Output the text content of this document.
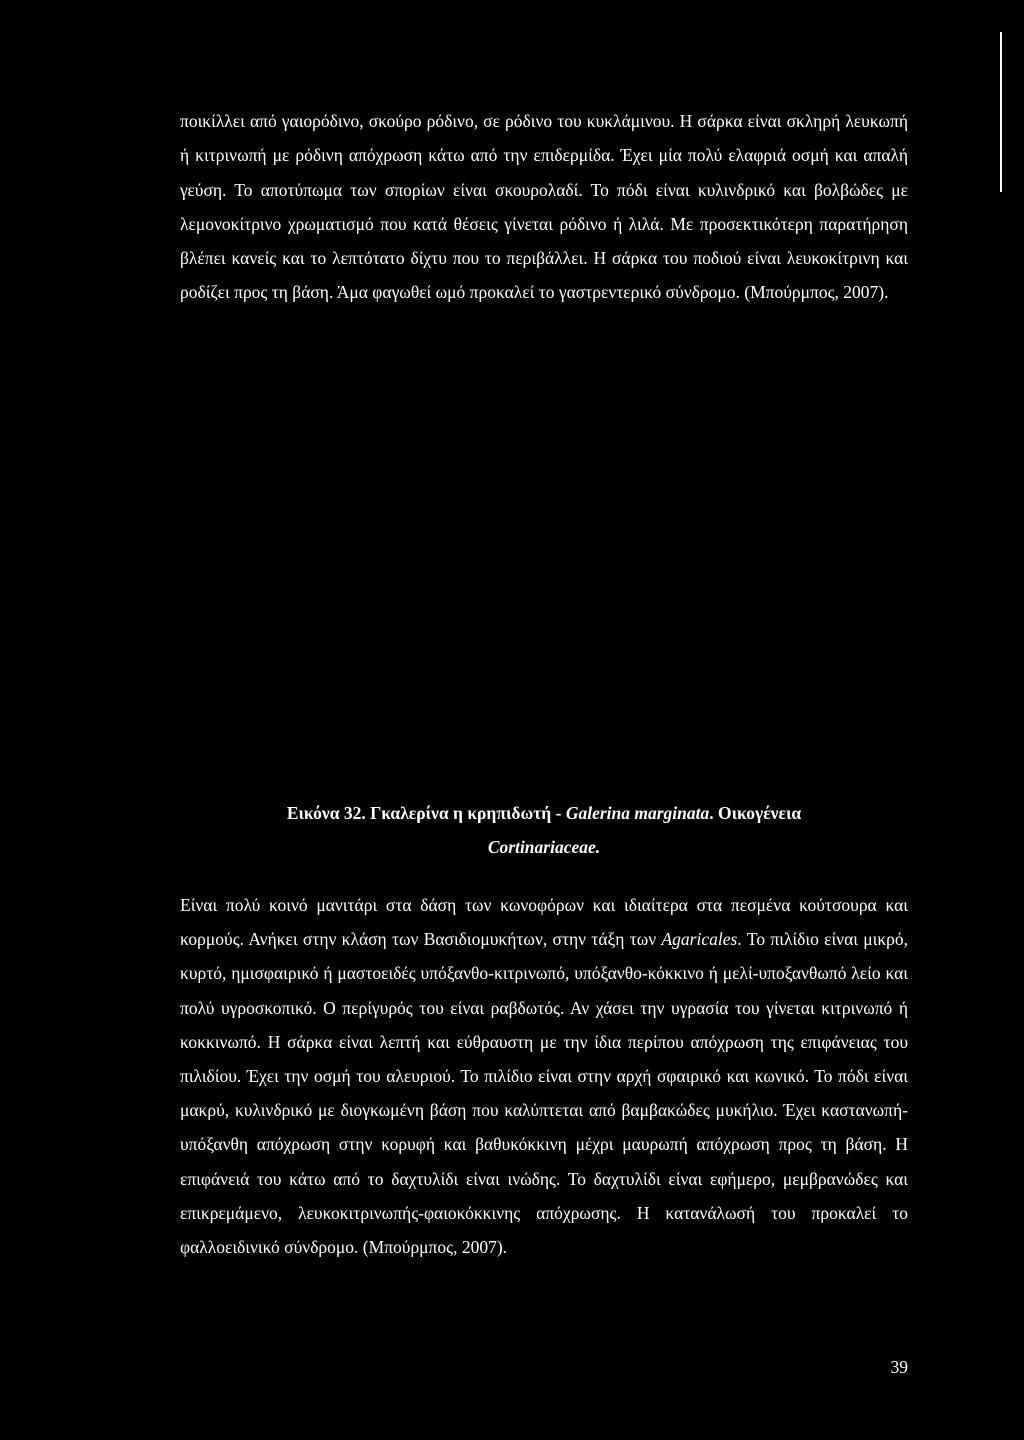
ποικίλλει από γαιορόδινο, σκούρο ρόδινο, σε ρόδινο του κυκλάμινου. Η σάρκα είναι σκληρή λευκωπή ή κιτρινωπή με ρόδινη απόχρωση κάτω από την επιδερμίδα. Έχει μία πολύ ελαφριά οσμή και απαλή γεύση. Το αποτύπωμα των σπορίων είναι σκουρολαδί. Το πόδι είναι κυλινδρικό και βολβώδες με λεμονοκίτρινο χρωματισμό που κατά θέσεις γίνεται ρόδινο ή λιλά. Με προσεκτικότερη παρατήρηση βλέπει κανείς και το λεπτότατο δίχτυ που το περιβάλλει. Η σάρκα του ποδιού είναι λευκοκίτρινη και ροδίζει προς τη βάση. Άμα φαγωθεί ωμό προκαλεί το γαστρεντερικό σύνδρομο. (Μπούρμπος, 2007).

Εικόνα 32. Γκαλερίνα η κρηπιδωτή - Galerina marginata. Οικογένεια
Cortinariaceae.

Είναι πολύ κοινό μανιτάρι στα δάση των κωνοφόρων και ιδιαίτερα στα πεσμένα κούτσουρα και κορμούς. Ανήκει στην κλάση των Βασιδιομυκήτων, στην τάξη των Agaricales. Το πιλίδιο είναι μικρό, κυρτό, ημισφαιρικό ή μαστοειδές υπόξανθο-κιτρινωπό, υπόξανθο-κόκκινο ή μελί-υποξανθωπό λείο και πολύ υγροσκοπικό. Ο περίγυρός του είναι ραβδωτός. Αν χάσει την υγρασία του γίνεται κιτρινωπό ή κοκκινωπό. Η σάρκα είναι λεπτή και εύθραυστη με την ίδια περίπου απόχρωση της επιφάνειας του πιλιδίου. Έχει την οσμή του αλευριού. Το πιλίδιο είναι στην αρχή σφαιρικό και κωνικό. Το πόδι είναι μακρύ, κυλινδρικό με διογκωμένη βάση που καλύπτεται από βαμβακώδες μυκήλιο. Έχει καστανωπή-υπόξανθη απόχρωση στην κορυφή και βαθυκόκκινη μέχρι μαυρωπή απόχρωση προς τη βάση. Η επιφάνειά του κάτω από το δαχτυλίδι είναι ινώδης. Το δαχτυλίδι είναι εφήμερο, μεμβρανώδες και επικρεμάμενο, λευκοκιτρινωπής-φαιοκόκκινης απόχρωσης. Η κατανάλωσή του προκαλεί το φαλλοειδινικό σύνδρομο. (Μπούρμπος, 2007).

39
